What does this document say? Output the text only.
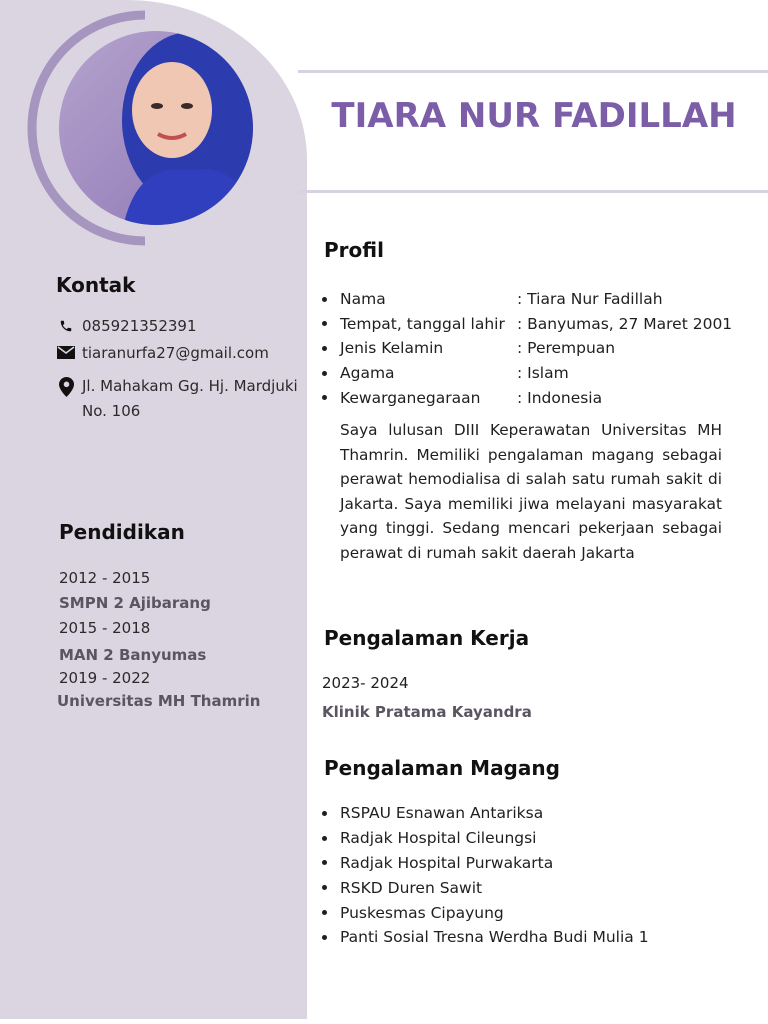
TIARA NUR FADILLAH
Kontak
085921352391
tiaranurfa27@gmail.com
Jl. Mahakam Gg. Hj. Mardjuki
No. 106
Pendidikan
2012 - 2015
SMPN 2 Ajibarang
2015 - 2018
MAN 2 Banyumas
2019 - 2022
Universitas MH Thamrin
Profil
Nama	: Tiara Nur Fadillah
Tempat, tanggal lahir : Banyumas, 27 Maret 2001
Jenis Kelamin	: Perempuan
Agama	: Islam
Kewarganegaraan	: Indonesia
Saya lulusan DIII Keperawatan Universitas MH Thamrin. Memiliki pengalaman magang sebagai perawat hemodialisa di salah satu rumah sakit di Jakarta. Saya memiliki jiwa melayani masyarakat yang tinggi. Sedang mencari pekerjaan sebagai perawat di rumah sakit daerah Jakarta
Pengalaman Kerja
2023- 2024
Klinik Pratama Kayandra
Pengalaman Magang
RSPAU Esnawan Antariksa
Radjak Hospital Cileungsi
Radjak Hospital Purwakarta
RSKD Duren Sawit
Puskesmas Cipayung
Panti Sosial Tresna Werdha Budi Mulia 1
